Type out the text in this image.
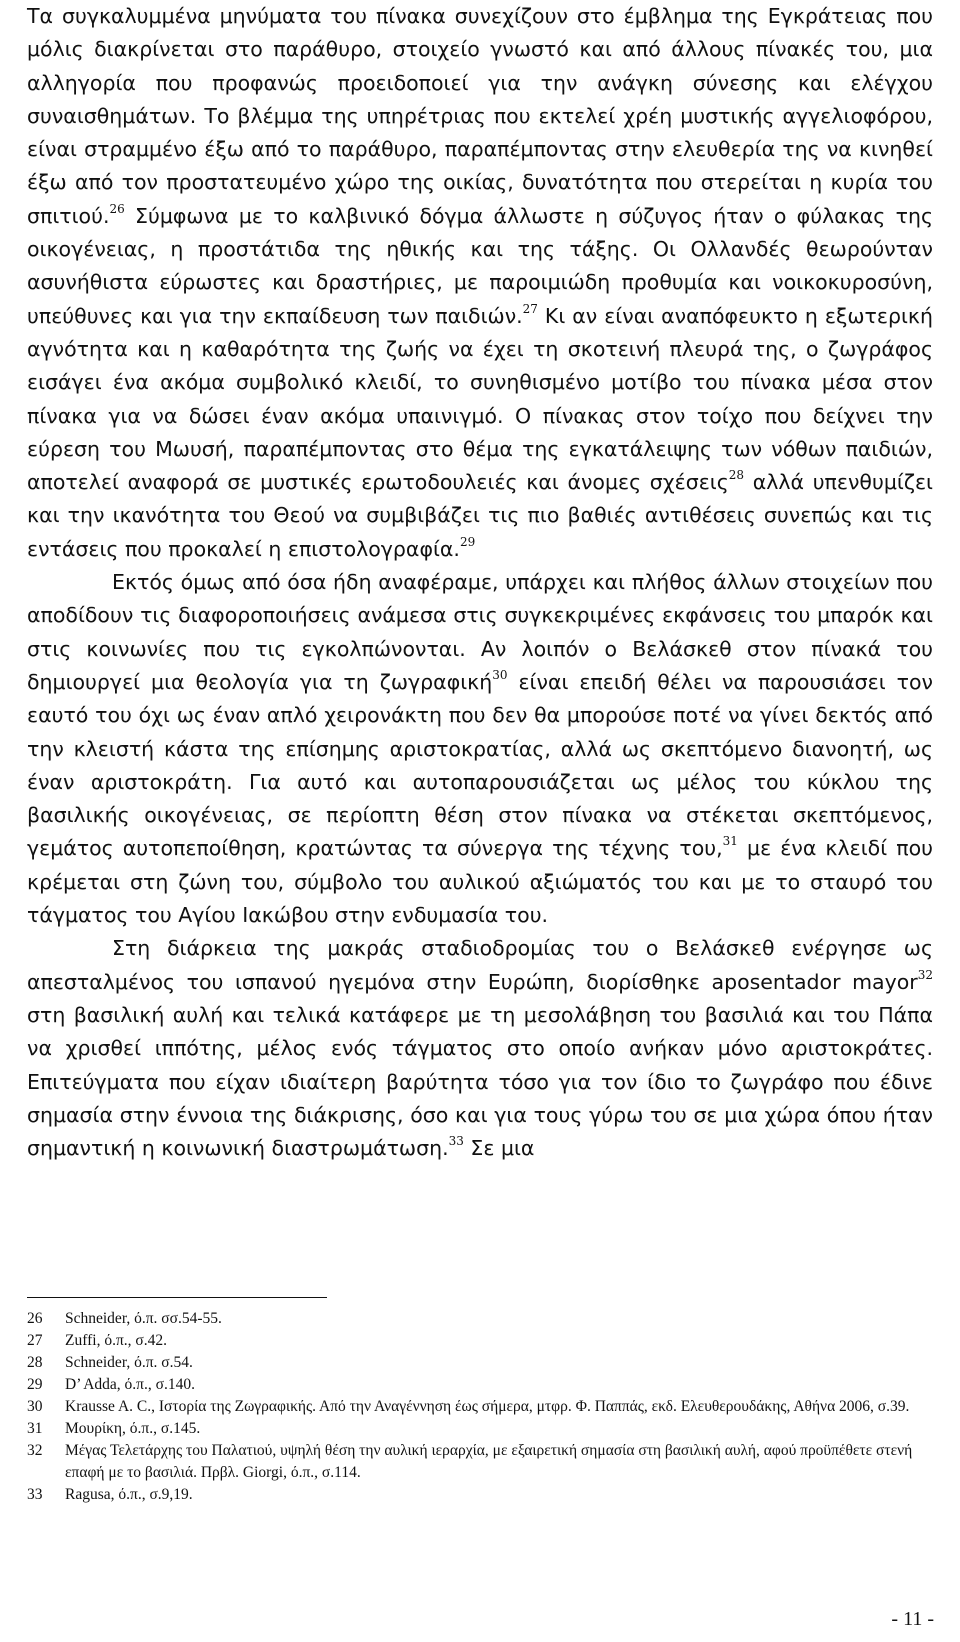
Τα συγκαλυμμένα μηνύματα του πίνακα συνεχίζουν στο έμβλημα της Εγκράτειας που μόλις διακρίνεται στο παράθυρο, στοιχείο γνωστό και από άλλους πίνακές του, μια αλληγορία που προφανώς προειδοποιεί για την ανάγκη σύνεσης και ελέγχου συναισθημάτων. Το βλέμμα της υπηρέτριας που εκτελεί χρέη μυστικής αγγελιοφόρου, είναι στραμμένο έξω από το παράθυρο, παραπέμποντας στην ελευθερία της να κινηθεί έξω από τον προστατευμένο χώρο της οικίας, δυνατότητα που στερείται η κυρία του σπιτιού.$^{26}$ Σύμφωνα με το καλβινικό δόγμα άλλωστε η σύζυγος ήταν ο φύλακας της οικογένειας, η προστάτιδα της ηθικής και της τάξης. Οι Ολλανδές θεωρούνταν ασυνήθιστα εύρωστες και δραστήριες, με παροιμιώδη προθυμία και νοικοκυροσύνη, υπεύθυνες και για την εκπαίδευση των παιδιών.$^{27}$ Κι αν είναι αναπόφευκτο η εξωτερική αγνότητα και η καθαρότητα της ζωής να έχει τη σκοτεινή πλευρά της, ο ζωγράφος εισάγει ένα ακόμα συμβολικό κλειδί, το συνηθισμένο μοτίβο του πίνακα μέσα στον πίνακα για να δώσει έναν ακόμα υπαινιγμό. Ο πίνακας στον τοίχο που δείχνει την εύρεση του Μωυσή, παραπέμποντας στο θέμα της εγκατάλειψης των νόθων παιδιών, αποτελεί αναφορά σε μυστικές ερωτοδουλειές και άνομες σχέσεις$^{28}$ αλλά υπενθυμίζει και την ικανότητα του Θεού να συμβιβάζει τις πιο βαθιές αντιθέσεις συνεπώς και τις εντάσεις που προκαλεί η επιστολογραφία.$^{29}$

Εκτός όμως από όσα ήδη αναφέραμε, υπάρχει και πλήθος άλλων στοιχείων που αποδίδουν τις διαφοροποιήσεις ανάμεσα στις συγκεκριμένες εκφάνσεις του μπαρόκ και στις κοινωνίες που τις εγκολπώνονται. Αν λοιπόν ο Βελάσκεθ στον πίνακά του δημιουργεί μια θεολογία για τη ζωγραφική$^{30}$ είναι επειδή θέλει να παρουσιάσει τον εαυτό του όχι ως έναν απλό χειρονάκτη που δεν θα μπορούσε ποτέ να γίνει δεκτός από την κλειστή κάστα της επίσημης αριστοκρατίας, αλλά ως σκεπτόμενο διανοητή, ως έναν αριστοκράτη. Για αυτό και αυτοπαρουσιάζεται ως μέλος του κύκλου της βασιλικής οικογένειας, σε περίοπτη θέση στον πίνακα να στέκεται σκεπτόμενος, γεμάτος αυτοπεποίθηση, κρατώντας τα σύνεργα της τέχνης του,$^{31}$ με ένα κλειδί που κρέμεται στη ζώνη του, σύμβολο του αυλικού αξιώματός του και με το σταυρό του τάγματος του Αγίου Ιακώβου στην ενδυμασία του.

Στη διάρκεια της μακράς σταδιοδρομίας του ο Βελάσκεθ ενέργησε ως απεσταλμένος του ισπανού ηγεμόνα στην Ευρώπη, διορίσθηκε aposentador mayor$^{32}$ στη βασιλική αυλή και τελικά κατάφερε με τη μεσολάβηση του βασιλιά και του Πάπα να χρισθεί ιππότης, μέλος ενός τάγματος στο οποίο ανήκαν μόνο αριστοκράτες. Επιτεύγματα που είχαν ιδιαίτερη βαρύτητα τόσο για τον ίδιο το ζωγράφο που έδινε σημασία στην έννοια της διάκρισης, όσο και για τους γύρω του σε μια χώρα όπου ήταν σημαντική η κοινωνική διαστρωμάτωση.$^{33}$ Σε μια

26	Schneider, ό.π. σσ.54-55.
27	Zuffi, ό.π., σ.42.
28	Schneider, ό.π. σ.54.
29	D’ Adda, ό.π., σ.140.
30	Krausse A. C., Ιστορία της Ζωγραφικής. Από την Αναγέννηση έως σήμερα, μτφρ. Φ. Παππάς, εκδ. Ελευθερουδάκης, Αθήνα 2006, σ.39.
31	Μουρίκη, ό.π., σ.145.
32	Μέγας Τελετάρχης του Παλατιού, υψηλή θέση την αυλική ιεραρχία, με εξαιρετική σημασία στη βασιλική αυλή, αφού προϋπέθετε στενή επαφή με το βασιλιά. Πρβλ. Giorgi, ό.π., σ.114.
33	Ragusa, ό.π., σ.9,19.
- 11 -
